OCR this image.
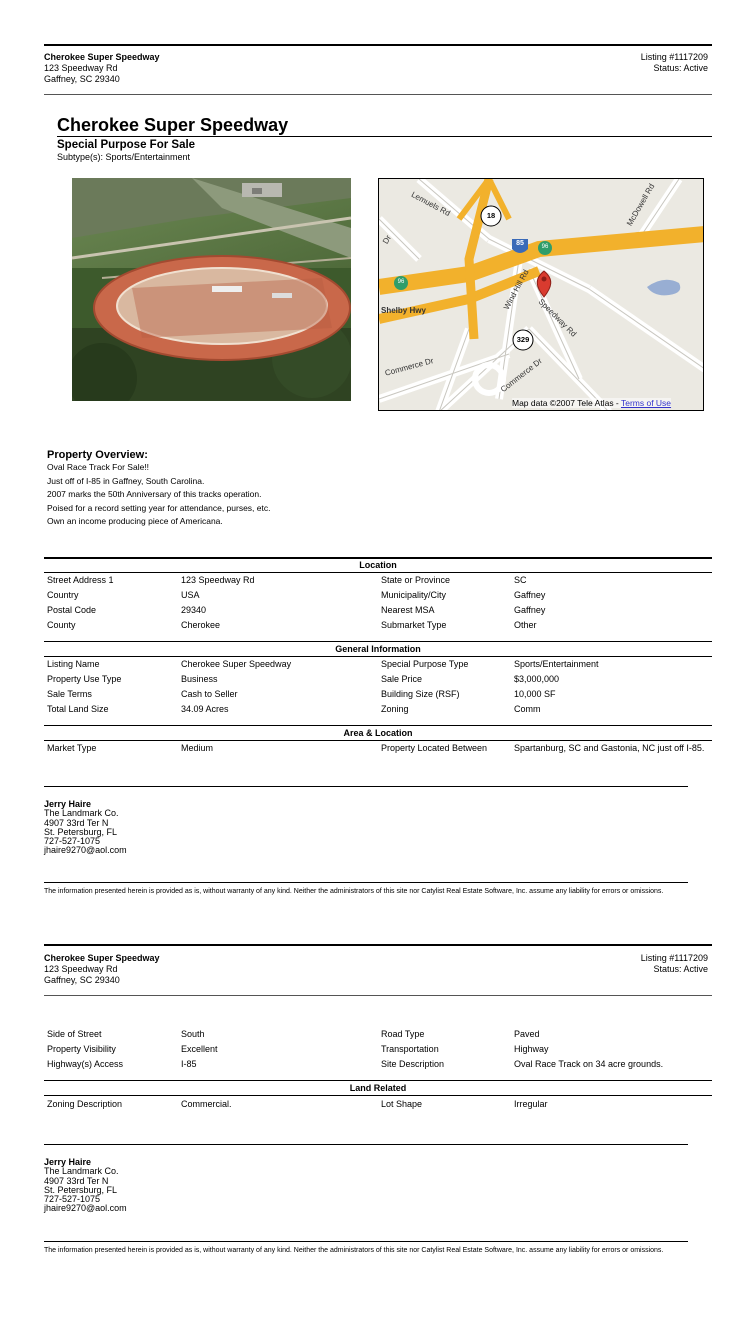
Cherokee Super Speedway
123 Speedway Rd
Gaffney, SC 29340
Listing #1117209
Status: Active
Cherokee Super Speedway
Special Purpose For Sale
Subtype(s): Sports/Entertainment
Lemuels Rd
Shelby Hwy	Wind Hill Rd
Speedway Rd
Commerce Dr	Commerce Dr
McDowell Rd
Dr
18
85	96
96
329
Map data ©2007 Tele Atlas - Terms of Use
Property Overview:
Oval Race Track For Sale!!
Just off of I-85 in Gaffney, South Carolina.
2007 marks the 50th Anniversary of this tracks operation.
Poised for a record setting year for attendance, purses, etc.
Own an income producing piece of Americana.
Location
Street Address 1	123 Speedway Rd	State or Province	SC
Country	USA	Municipality/City	Gaffney
Postal Code	29340	Nearest MSA	Gaffney
County	Cherokee	Submarket Type	Other
General Information
Listing Name	Cherokee Super Speedway	Special Purpose Type	Sports/Entertainment
Property Use Type	Business	Sale Price	$3,000,000
Sale Terms	Cash to Seller	Building Size (RSF)	10,000 SF
Total Land Size	34.09 Acres	Zoning	Comm
Area & Location
Market Type	Medium	Property Located Between	Spartanburg, SC and Gastonia, NC just off I-85.
Jerry Haire
The Landmark Co.
4907 33rd Ter N
St. Petersburg, FL
727-527-1075
jhaire9270@aol.com
The information presented herein is provided as is, without warranty of any kind. Neither the administrators of this site nor Catylist Real Estate Software, Inc. assume any liability for errors or omissions.
Cherokee Super Speedway
123 Speedway Rd
Gaffney, SC 29340
Listing #1117209
Status: Active
Side of Street	South	Road Type	Paved
Property Visibility	Excellent	Transportation	Highway
Highway(s) Access	I-85	Site Description	Oval Race Track on 34 acre grounds.
Land Related
Zoning Description	Commercial.	Lot Shape	Irregular
Jerry Haire
The Landmark Co.
4907 33rd Ter N
St. Petersburg, FL
727-527-1075
jhaire9270@aol.com
The information presented herein is provided as is, without warranty of any kind. Neither the administrators of this site nor Catylist Real Estate Software, Inc. assume any liability for errors or omissions.
